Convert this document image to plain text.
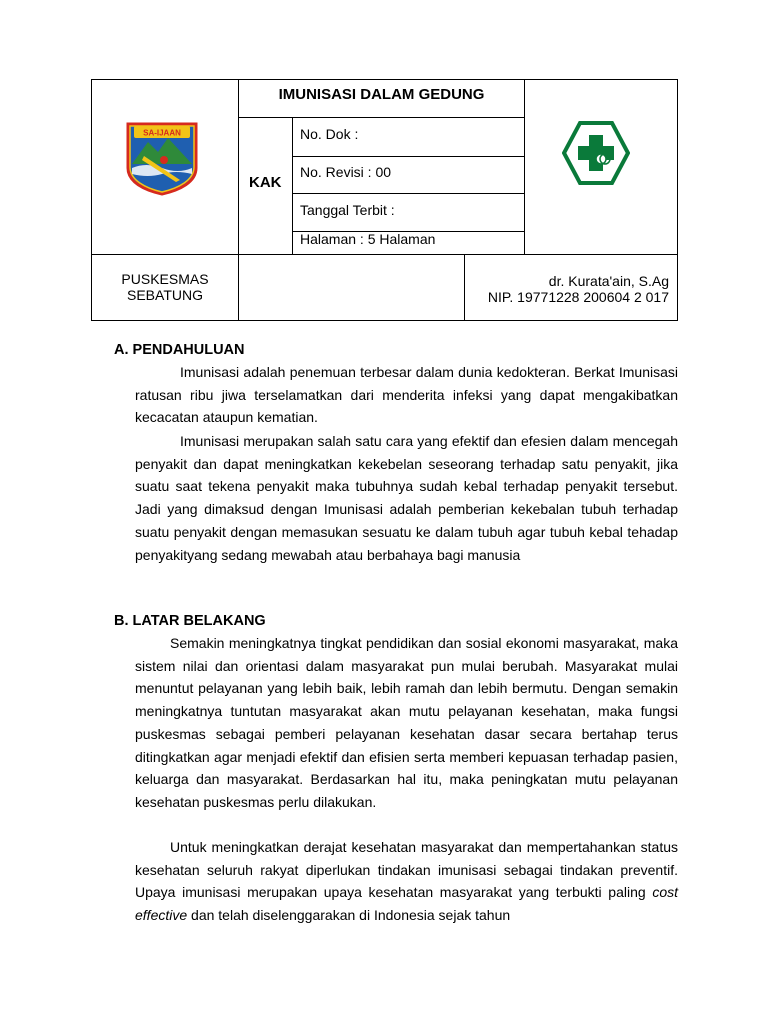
SA-IJAAN
IMUNISASI DALAM GEDUNG
KAK
No. Dok :
No. Revisi : 00
Tanggal Terbit :
Halaman : 5 Halaman
PUSKESMAS
SEBATUNG
dr. Kurata'ain, S.Ag
NIP. 19771228 200604 2 017
A. PENDAHULUAN

Imunisasi adalah penemuan terbesar dalam dunia kedokteran. Berkat Imunisasi ratusan ribu jiwa terselamatkan dari menderita infeksi yang dapat mengakibatkan kecacatan ataupun kematian.

Imunisasi merupakan salah satu cara yang efektif dan efesien dalam mencegah penyakit dan dapat meningkatkan kekebelan seseorang terhadap satu penyakit, jika suatu saat tekena penyakit maka tubuhnya sudah kebal terhadap penyakit tersebut. Jadi yang dimaksud dengan Imunisasi adalah pemberian kekebalan tubuh terhadap suatu penyakit dengan memasukan sesuatu ke dalam tubuh agar tubuh kebal tehadap penyakityang sedang mewabah atau berbahaya bagi manusia

B. LATAR BELAKANG

Semakin meningkatnya tingkat pendidikan dan sosial ekonomi masyarakat, maka sistem nilai dan orientasi dalam masyarakat pun mulai berubah. Masyarakat mulai menuntut pelayanan yang lebih baik, lebih ramah dan lebih bermutu. Dengan semakin meningkatnya tuntutan masyarakat akan mutu pelayanan kesehatan, maka fungsi puskesmas sebagai pemberi pelayanan kesehatan dasar secara bertahap terus ditingkatkan agar menjadi efektif dan efisien serta memberi kepuasan terhadap pasien, keluarga dan masyarakat. Berdasarkan hal itu, maka peningkatan mutu pelayanan kesehatan puskesmas perlu dilakukan.

Untuk meningkatkan derajat kesehatan masyarakat dan mempertahankan status kesehatan seluruh rakyat diperlukan tindakan imunisasi sebagai tindakan preventif. Upaya imunisasi merupakan upaya kesehatan masyarakat yang terbukti paling cost effective dan telah diselenggarakan di Indonesia sejak tahun
